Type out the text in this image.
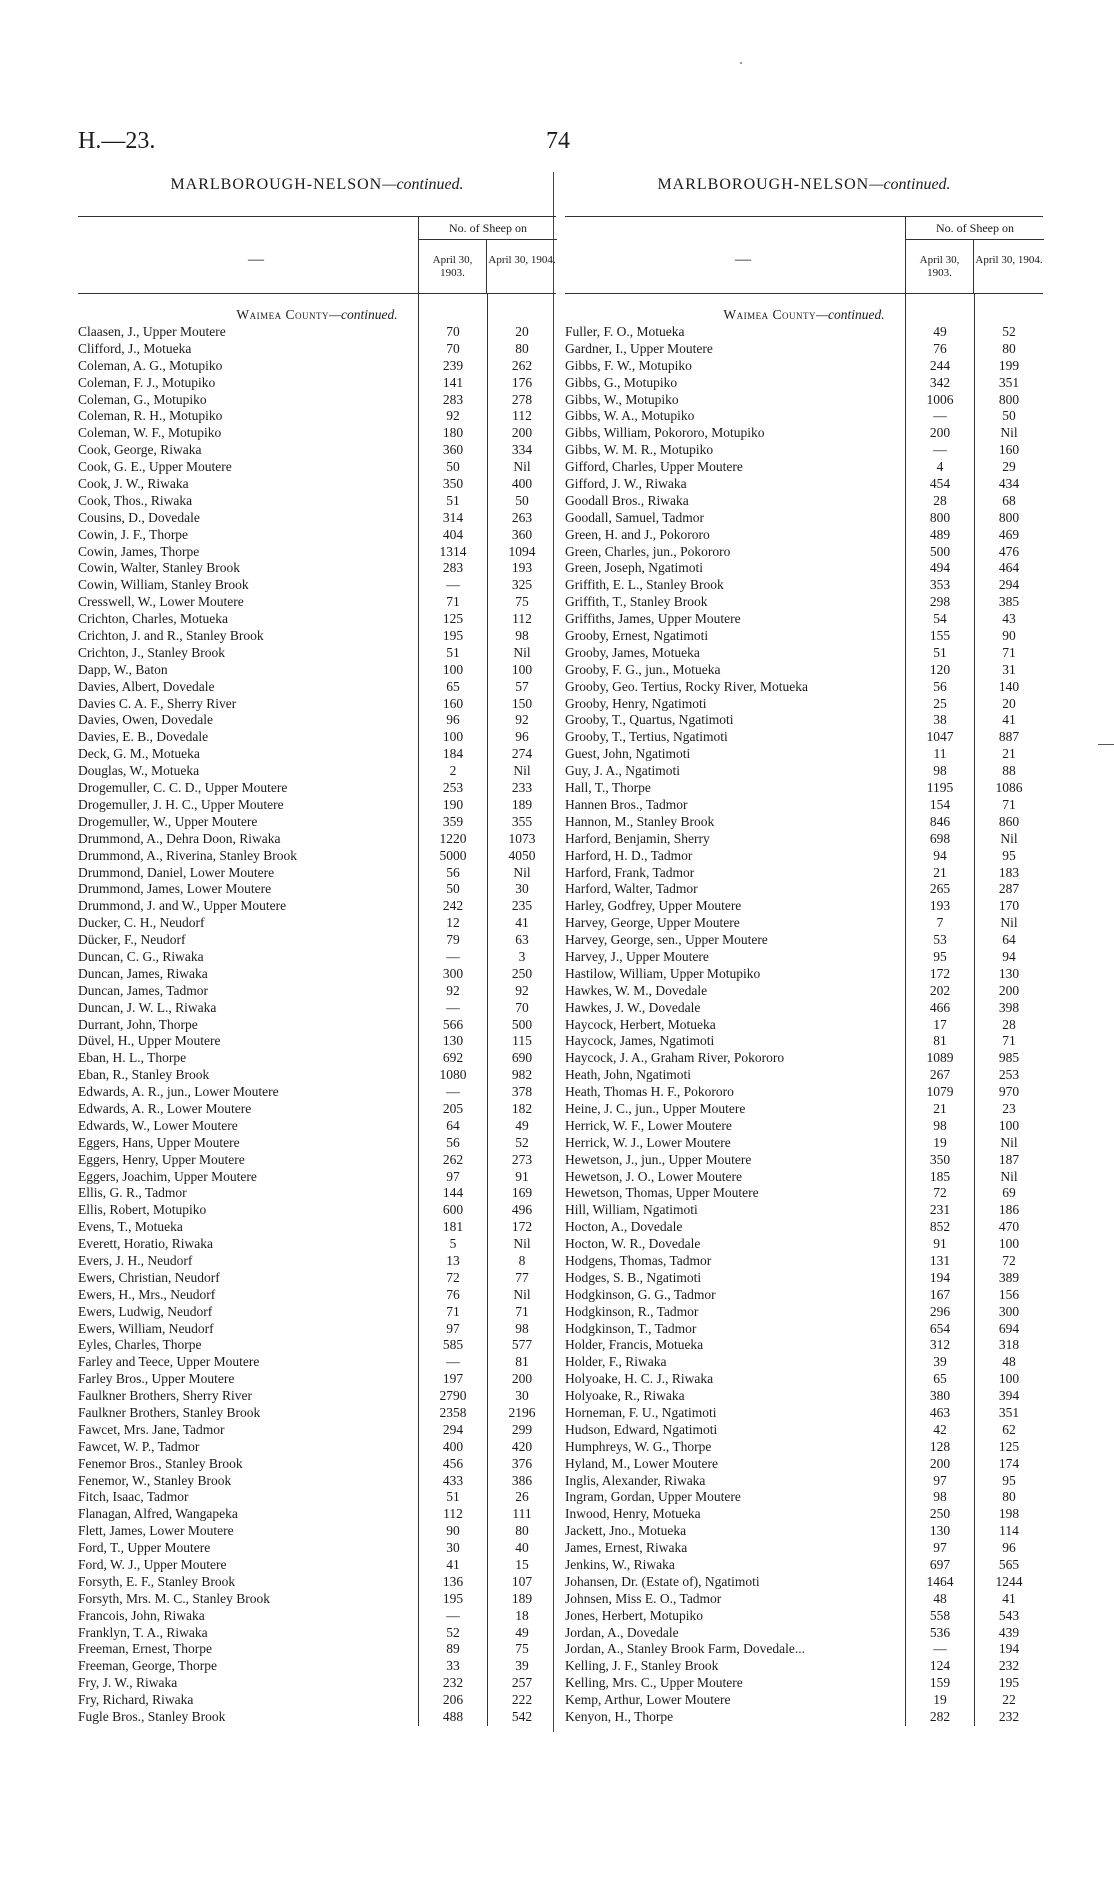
H.—23.	74
MARLBOROUGH-NELSON—continued.
—
No. of Sheep on
April 30, 1903.
April 30, 1904.
Waimea County—continued.
Claasen, J., Upper Moutere	70	20
Clifford, J., Motueka	70	80
Coleman, A. G., Motupiko	239	262
Coleman, F. J., Motupiko	141	176
Coleman, G., Motupiko	283	278
Coleman, R. H., Motupiko	92	112
Coleman, W. F., Motupiko	180	200
Cook, George, Riwaka	360	334
Cook, G. E., Upper Moutere	50	Nil
Cook, J. W., Riwaka	350	400
Cook, Thos., Riwaka	51	50
Cousins, D., Dovedale	314	263
Cowin, J. F., Thorpe	404	360
Cowin, James, Thorpe	1314	1094
Cowin, Walter, Stanley Brook	283	193
Cowin, William, Stanley Brook	—	325
Cresswell, W., Lower Moutere	71	75
Crichton, Charles, Motueka	125	112
Crichton, J. and R., Stanley Brook	195	98
Crichton, J., Stanley Brook	51	Nil
Dapp, W., Baton	100	100
Davies, Albert, Dovedale	65	57
Davies C. A. F., Sherry River	160	150
Davies, Owen, Dovedale	96	92
Davies, E. B., Dovedale	100	96
Deck, G. M., Motueka	184	274
Douglas, W., Motueka	2	Nil
Drogemuller, C. C. D., Upper Moutere	253	233
Drogemuller, J. H. C., Upper Moutere	190	189
Drogemuller, W., Upper Moutere	359	355
Drummond, A., Dehra Doon, Riwaka	1220	1073
Drummond, A., Riverina, Stanley Brook	5000	4050
Drummond, Daniel, Lower Moutere	56	Nil
Drummond, James, Lower Moutere	50	30
Drummond, J. and W., Upper Moutere	242	235
Ducker, C. H., Neudorf	12	41
Dücker, F., Neudorf	79	63
Duncan, C. G., Riwaka	—	3
Duncan, James, Riwaka	300	250
Duncan, James, Tadmor	92	92
Duncan, J. W. L., Riwaka	—	70
Durrant, John, Thorpe	566	500
Düvel, H., Upper Moutere	130	115
Eban, H. L., Thorpe	692	690
Eban, R., Stanley Brook	1080	982
Edwards, A. R., jun., Lower Moutere	—	378
Edwards, A. R., Lower Moutere	205	182
Edwards, W., Lower Moutere	64	49
Eggers, Hans, Upper Moutere	56	52
Eggers, Henry, Upper Moutere	262	273
Eggers, Joachim, Upper Moutere	97	91
Ellis, G. R., Tadmor	144	169
Ellis, Robert, Motupiko	600	496
Evens, T., Motueka	181	172
Everett, Horatio, Riwaka	5	Nil
Evers, J. H., Neudorf	13	8
Ewers, Christian, Neudorf	72	77
Ewers, H., Mrs., Neudorf	76	Nil
Ewers, Ludwig, Neudorf	71	71
Ewers, William, Neudorf	97	98
Eyles, Charles, Thorpe	585	577
Farley and Teece, Upper Moutere	—	81
Farley Bros., Upper Moutere	197	200
Faulkner Brothers, Sherry River	2790	30
Faulkner Brothers, Stanley Brook	2358	2196
Fawcet, Mrs. Jane, Tadmor	294	299
Fawcet, W. P., Tadmor	400	420
Fenemor Bros., Stanley Brook	456	376
Fenemor, W., Stanley Brook	433	386
Fitch, Isaac, Tadmor	51	26
Flanagan, Alfred, Wangapeka	112	111
Flett, James, Lower Moutere	90	80
Ford, T., Upper Moutere	30	40
Ford, W. J., Upper Moutere	41	15
Forsyth, E. F., Stanley Brook	136	107
Forsyth, Mrs. M. C., Stanley Brook	195	189
Francois, John, Riwaka	—	18
Franklyn, T. A., Riwaka	52	49
Freeman, Ernest, Thorpe	89	75
Freeman, George, Thorpe	33	39
Fry, J. W., Riwaka	232	257
Fry, Richard, Riwaka	206	222
Fugle Bros., Stanley Brook	488	542
MARLBOROUGH-NELSON—continued.
—
No. of Sheep on
April 30, 1903.
April 30, 1904.
Waimea County—continued.
Fuller, F. O., Motueka	49	52
Gardner, I., Upper Moutere	76	80
Gibbs, F. W., Motupiko	244	199
Gibbs, G., Motupiko	342	351
Gibbs, W., Motupiko	1006	800
Gibbs, W. A., Motupiko	—	50
Gibbs, William, Pokororo, Motupiko	200	Nil
Gibbs, W. M. R., Motupiko	—	160
Gifford, Charles, Upper Moutere	4	29
Gifford, J. W., Riwaka	454	434
Goodall Bros., Riwaka	28	68
Goodall, Samuel, Tadmor	800	800
Green, H. and J., Pokororo	489	469
Green, Charles, jun., Pokororo	500	476
Green, Joseph, Ngatimoti	494	464
Griffith, E. L., Stanley Brook	353	294
Griffith, T., Stanley Brook	298	385
Griffiths, James, Upper Moutere	54	43
Grooby, Ernest, Ngatimoti	155	90
Grooby, James, Motueka	51	71
Grooby, F. G., jun., Motueka	120	31
Grooby, Geo. Tertius, Rocky River, Motueka	56	140
Grooby, Henry, Ngatimoti	25	20
Grooby, T., Quartus, Ngatimoti	38	41
Grooby, T., Tertius, Ngatimoti	1047	887
Guest, John, Ngatimoti	11	21
Guy, J. A., Ngatimoti	98	88
Hall, T., Thorpe	1195	1086
Hannen Bros., Tadmor	154	71
Hannon, M., Stanley Brook	846	860
Harford, Benjamin, Sherry	698	Nil
Harford, H. D., Tadmor	94	95
Harford, Frank, Tadmor	21	183
Harford, Walter, Tadmor	265	287
Harley, Godfrey, Upper Moutere	193	170
Harvey, George, Upper Moutere	7	Nil
Harvey, George, sen., Upper Moutere	53	64
Harvey, J., Upper Moutere	95	94
Hastilow, William, Upper Motupiko	172	130
Hawkes, W. M., Dovedale	202	200
Hawkes, J. W., Dovedale	466	398
Haycock, Herbert, Motueka	17	28
Haycock, James, Ngatimoti	81	71
Haycock, J. A., Graham River, Pokororo	1089	985
Heath, John, Ngatimoti	267	253
Heath, Thomas H. F., Pokororo	1079	970
Heine, J. C., jun., Upper Moutere	21	23
Herrick, W. F., Lower Moutere	98	100
Herrick, W. J., Lower Moutere	19	Nil
Hewetson, J., jun., Upper Moutere	350	187
Hewetson, J. O., Lower Moutere	185	Nil
Hewetson, Thomas, Upper Moutere	72	69
Hill, William, Ngatimoti	231	186
Hocton, A., Dovedale	852	470
Hocton, W. R., Dovedale	91	100
Hodgens, Thomas, Tadmor	131	72
Hodges, S. B., Ngatimoti	194	389
Hodgkinson, G. G., Tadmor	167	156
Hodgkinson, R., Tadmor	296	300
Hodgkinson, T., Tadmor	654	694
Holder, Francis, Motueka	312	318
Holder, F., Riwaka	39	48
Holyoake, H. C. J., Riwaka	65	100
Holyoake, R., Riwaka	380	394
Horneman, F. U., Ngatimoti	463	351
Hudson, Edward, Ngatimoti	42	62
Humphreys, W. G., Thorpe	128	125
Hyland, M., Lower Moutere	200	174
Inglis, Alexander, Riwaka	97	95
Ingram, Gordan, Upper Moutere	98	80
Inwood, Henry, Motueka	250	198
Jackett, Jno., Motueka	130	114
James, Ernest, Riwaka	97	96
Jenkins, W., Riwaka	697	565
Johansen, Dr. (Estate of), Ngatimoti	1464	1244
Johnsen, Miss E. O., Tadmor	48	41
Jones, Herbert, Motupiko	558	543
Jordan, A., Dovedale	536	439
Jordan, A., Stanley Brook Farm, Dovedale...	—	194
Kelling, J. F., Stanley Brook	124	232
Kelling, Mrs. C., Upper Moutere	159	195
Kemp, Arthur, Lower Moutere	19	22
Kenyon, H., Thorpe	282	232
